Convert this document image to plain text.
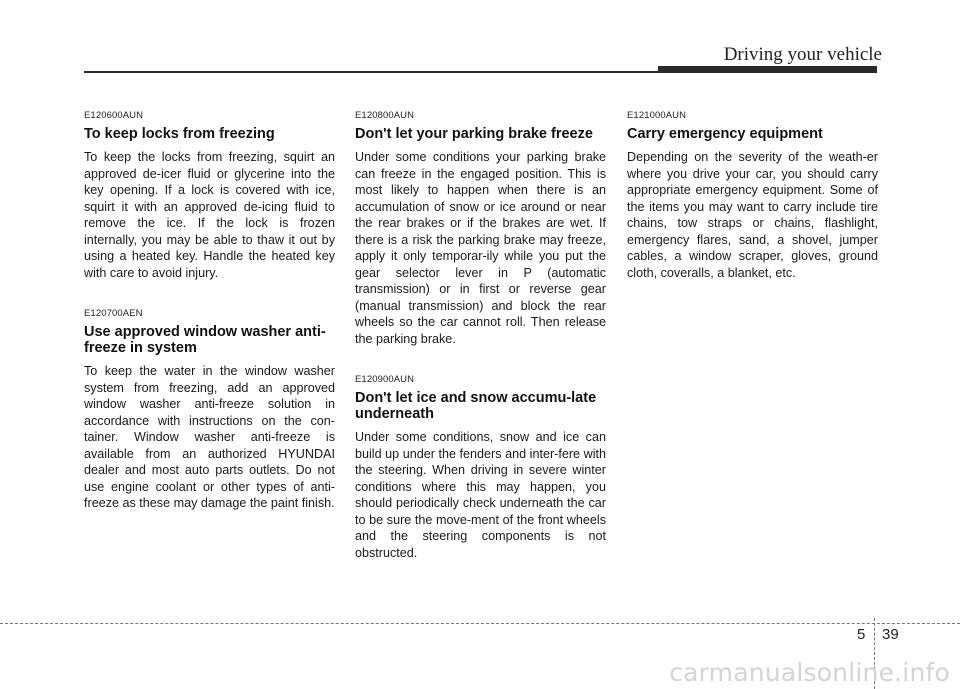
Driving your vehicle
E120600AUN
To keep locks from freezing

To keep the locks from freezing, squirt an approved de-icer fluid or glycerine into the key opening. If a lock is covered with ice, squirt it with an approved de-icing fluid to remove the ice. If the lock is frozen internally, you may be able to thaw it out by using a heated key. Handle the heated key with care to avoid injury.

E120700AEN
Use approved window washer anti-freeze in system

To keep the water in the window washer system from freezing, add an approved window washer anti-freeze solution in accordance with instructions on the con-tainer. Window washer anti-freeze is available from an authorized HYUNDAI dealer and most auto parts outlets. Do not use engine coolant or other types of anti-freeze as these may damage the paint finish.

E120800AUN
Don't let your parking brake freeze

Under some conditions your parking brake can freeze in the engaged position. This is most likely to happen when there is an accumulation of snow or ice around or near the rear brakes or if the brakes are wet. If there is a risk the parking brake may freeze, apply it only temporar-ily while you put the gear selector lever in P (automatic transmission) or in first or reverse gear (manual transmission) and block the rear wheels so the car cannot roll. Then release the parking brake.

E120900AUN
Don't let ice and snow accumu-late underneath

Under some conditions, snow and ice can build up under the fenders and inter-fere with the steering. When driving in severe winter conditions where this may happen, you should periodically check underneath the car to be sure the move-ment of the front wheels and the steering components is not obstructed.

E121000AUN
Carry emergency equipment

Depending on the severity of the weath-er where you drive your car, you should carry appropriate emergency equipment. Some of the items you may want to carry include tire chains, tow straps or chains, flashlight, emergency flares, sand, a shovel, jumper cables, a window scraper, gloves, ground cloth, coveralls, a blanket, etc.

5 39
carmanualsonline.info
